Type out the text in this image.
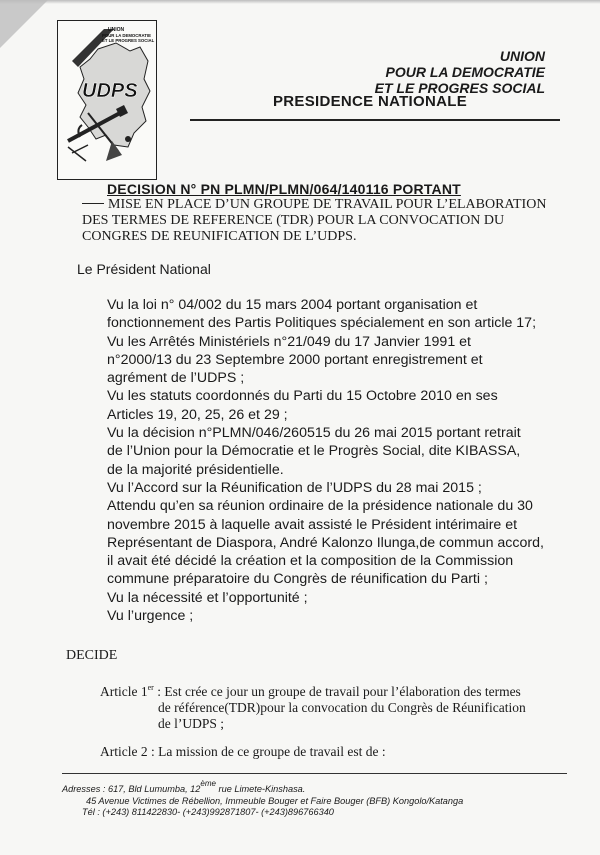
UNION
POUR LA DEMOCRATIE
ET LE PROGRES SOCIAL
UDPS
UNION
POUR LA DEMOCRATIE
ET LE PROGRES SOCIAL
PRESIDENCE NATIONALE
DECISION N° PN PLMN/PLMN/064/140116 PORTANT
MISE EN PLACE D’UN GROUPE DE TRAVAIL POUR L’ELABORATION
DES TERMES DE REFERENCE (TDR) POUR LA CONVOCATION DU
CONGRES DE REUNIFICATION DE L’UDPS.
Le Président National
Vu la loi n° 04/002 du 15 mars 2004 portant organisation et
fonctionnement des Partis Politiques spécialement en son article 17;
Vu les Arrêtés Ministériels n°21/049 du 17 Janvier 1991 et
n°2000/13 du 23 Septembre 2000 portant enregistrement et
agrément de l’UDPS ;
Vu les statuts coordonnés du Parti du 15 Octobre 2010 en ses
Articles 19, 20, 25, 26 et 29 ;
Vu la décision n°PLMN/046/260515 du 26 mai 2015 portant retrait
de l’Union pour la Démocratie et le Progrès Social, dite KIBASSA,
de la majorité présidentielle.
Vu l’Accord sur la Réunification de l’UDPS du 28 mai 2015 ;
Attendu qu’en sa réunion ordinaire de la présidence nationale du 30
novembre 2015 à laquelle avait assisté le Président intérimaire et
Représentant de Diaspora, André Kalonzo Ilunga,de commun accord,
il avait été décidé la création et la composition de la Commission
commune préparatoire du Congrès de réunification du Parti ;
Vu la nécessité et l’opportunité ;
Vu l’urgence ;
DECIDE
Article 1er : Est crée ce jour un groupe de travail pour l’élaboration des termes
de référence(TDR)pour la convocation du Congrès de Réunification
de l’UDPS ;
Article 2 : La mission de ce groupe de travail est de :
Adresses : 617, Bld Lumumba, 12ème rue Limete-Kinshasa.
45 Avenue Victimes de Rébellion, Immeuble Bouger et Faire Bouger (BFB) Kongolo/Katanga
Tél : (+243) 811422830- (+243)992871807- (+243)896766340
